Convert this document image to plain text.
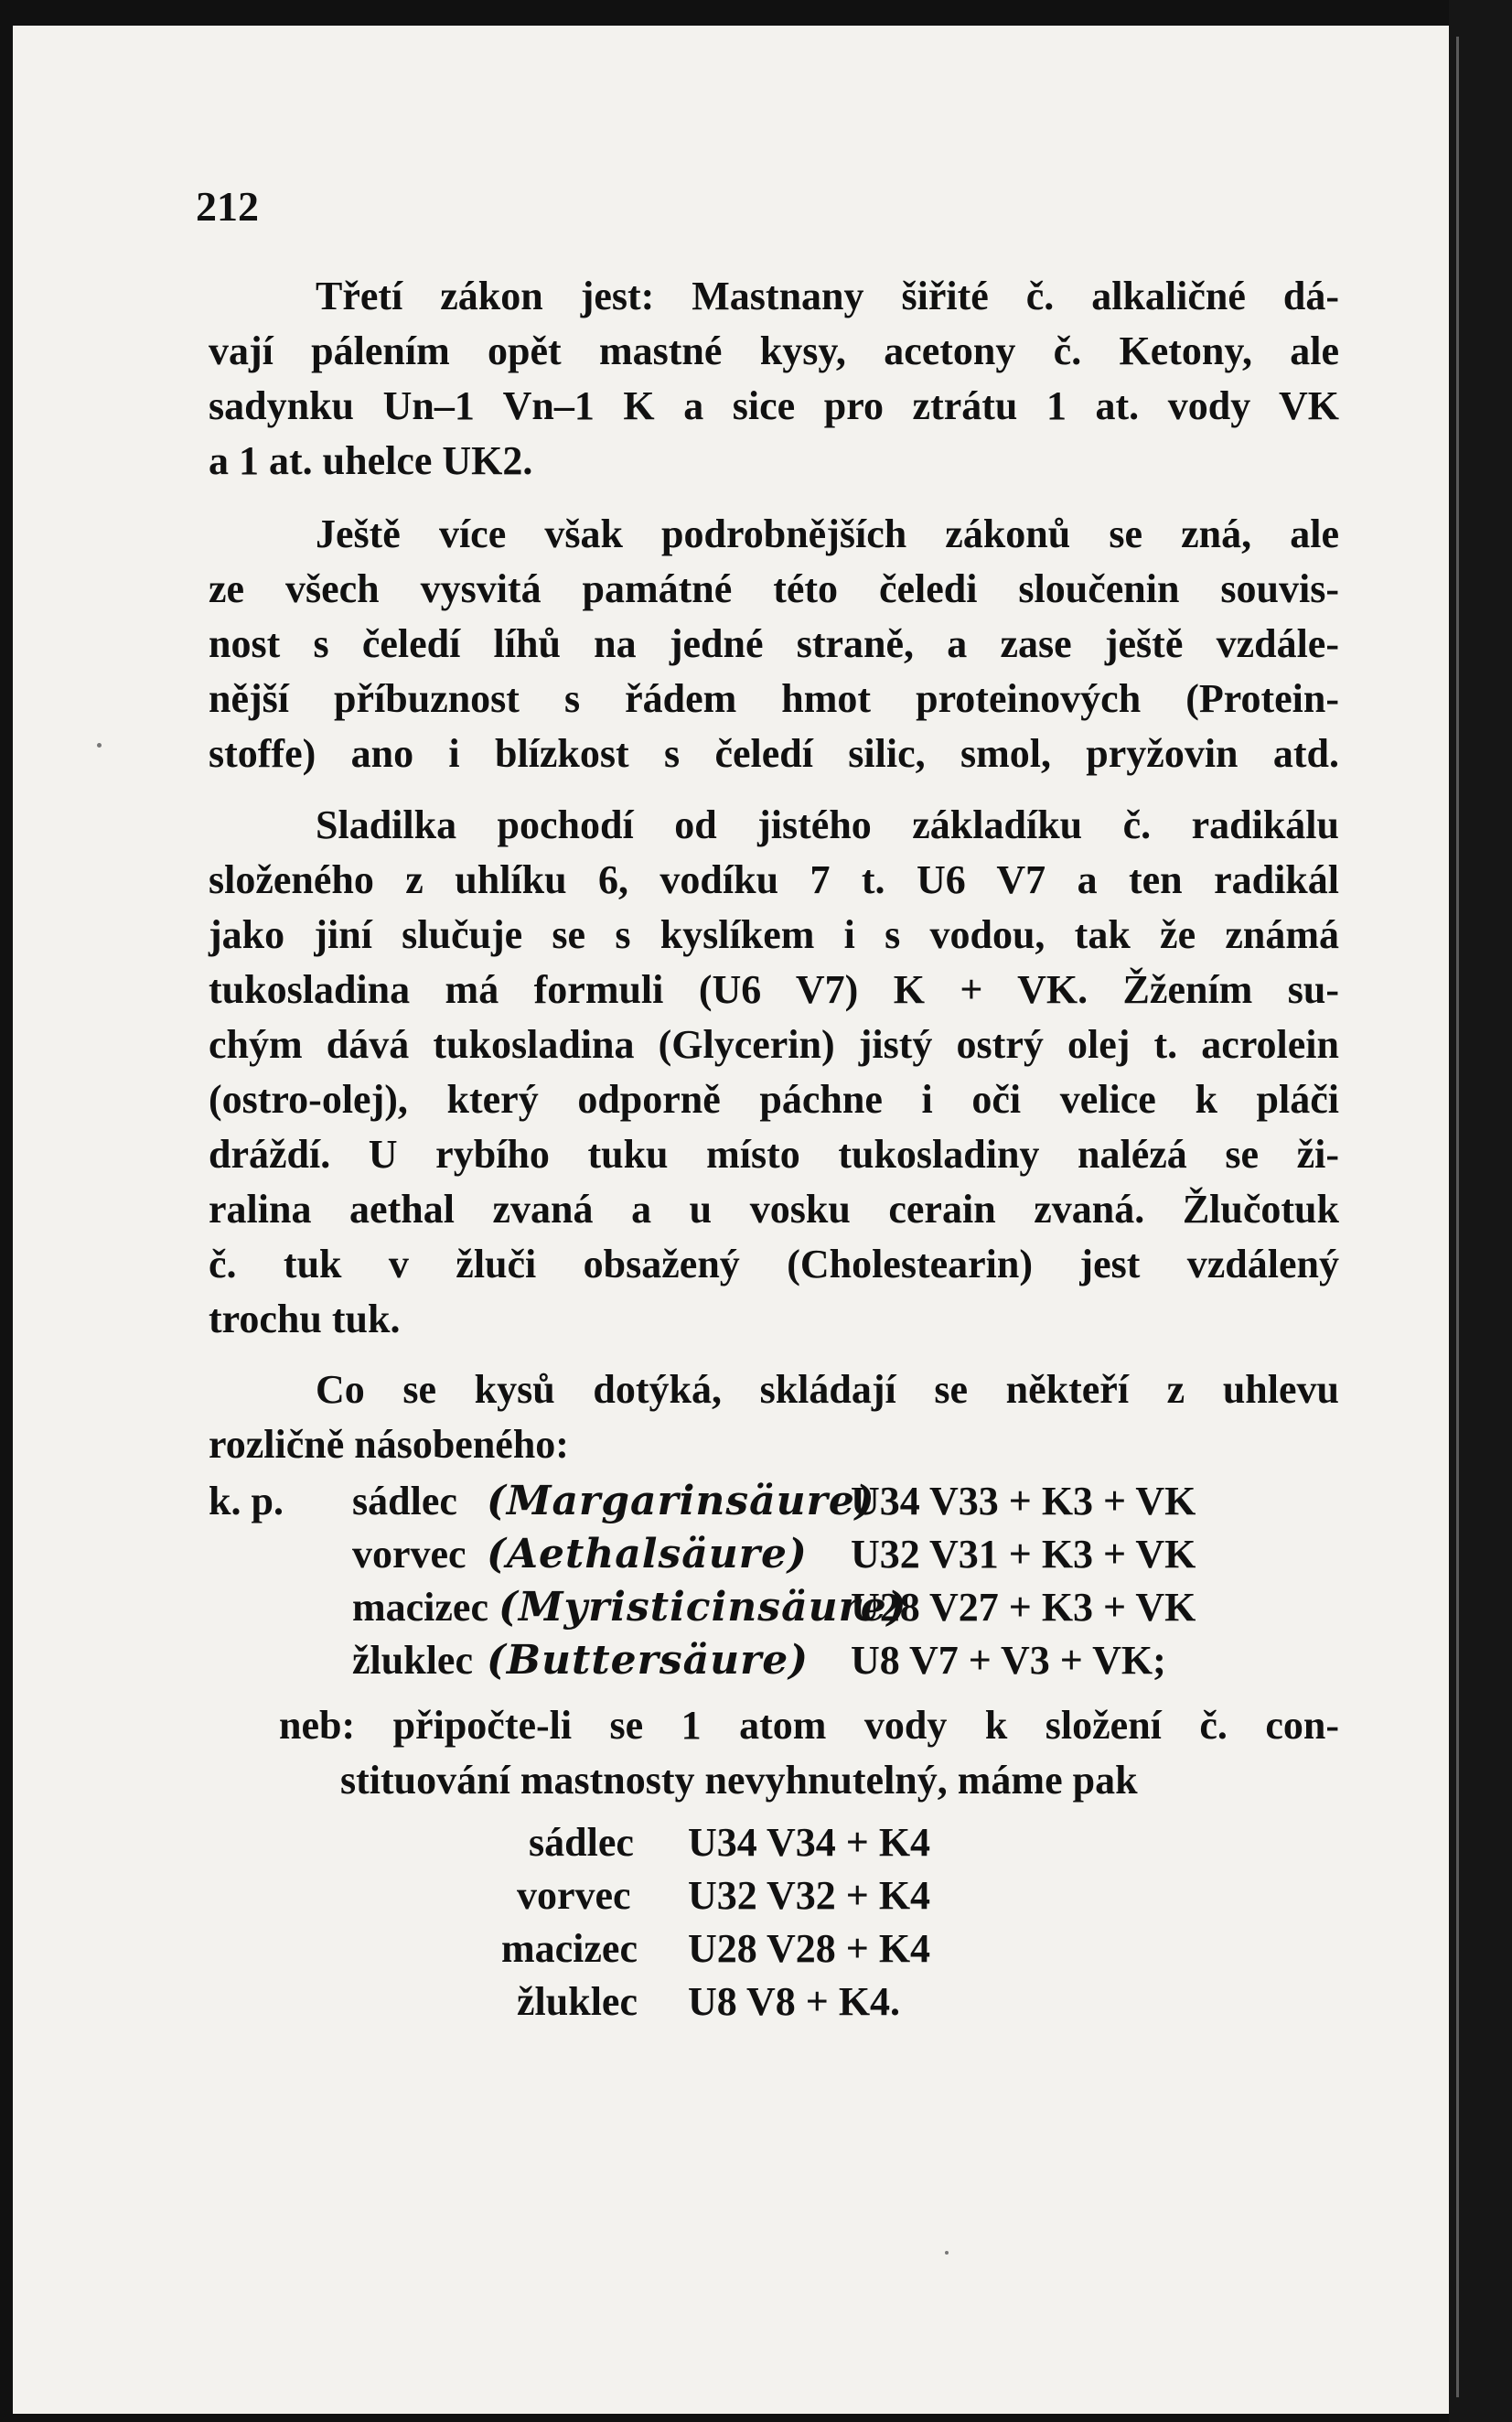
212
Třetí zákon jest: Mastnany šiřité č. alkaličné dá-
vají pálením opět mastné kysy, acetony č. Ketony, ale
sadynku Un–1 Vn–1 K a sice pro ztrátu 1 at. vody VK
a 1 at. uhelce UK2.
Ještě více však podrobnějších zákonů se zná, ale
ze všech vysvitá památné této čeledi sloučenin souvis-
nost s čeledí líhů na jedné straně, a zase ještě vzdále-
nější příbuznost s řádem hmot proteinových (Protein-
stoffe) ano i blízkost s čeledí silic, smol, pryžovin atd.
Sladilka pochodí od jistého základíku č. radikálu
složeného z uhlíku 6, vodíku 7 t. U6 V7 a ten radikál
jako jiní slučuje se s kyslíkem i s vodou, tak že známá
tukosladina má formuli (U6 V7) K + VK. Žžením su-
chým dává tukosladina (Glycerin) jistý ostrý olej t. acrolein
(ostro-olej), který odporně páchne i oči velice k pláči
dráždí. U rybího tuku místo tukosladiny nalézá se ži-
ralina aethal zvaná a u vosku cerain zvaná. Žlučotuk
č. tuk v žluči obsažený (Cholestearin) jest vzdálený
trochu tuk.
Co se kysů dotýká, skládají se někteří z uhlevu
rozličně násobeného:
k. p. sádlec (Margarinsäure)
U34 V33 + K3 + VK
vorvec (Aethalsäure) U32 V31 + K3 + VK
macizec (Myristicinsäure)
U28 V27 + K3 + VK
žluklec (Buttersäure) U8 V7 + V3 + VK;
neb: připočte-li se 1 atom vody k složení č. con-
stituování mastnosty nevyhnutelný, máme pak
sádlec U34 V34 + K4
vorvec U32 V32 + K4
macizec U28 V28 + K4
žluklec U8 V8 + K4.
